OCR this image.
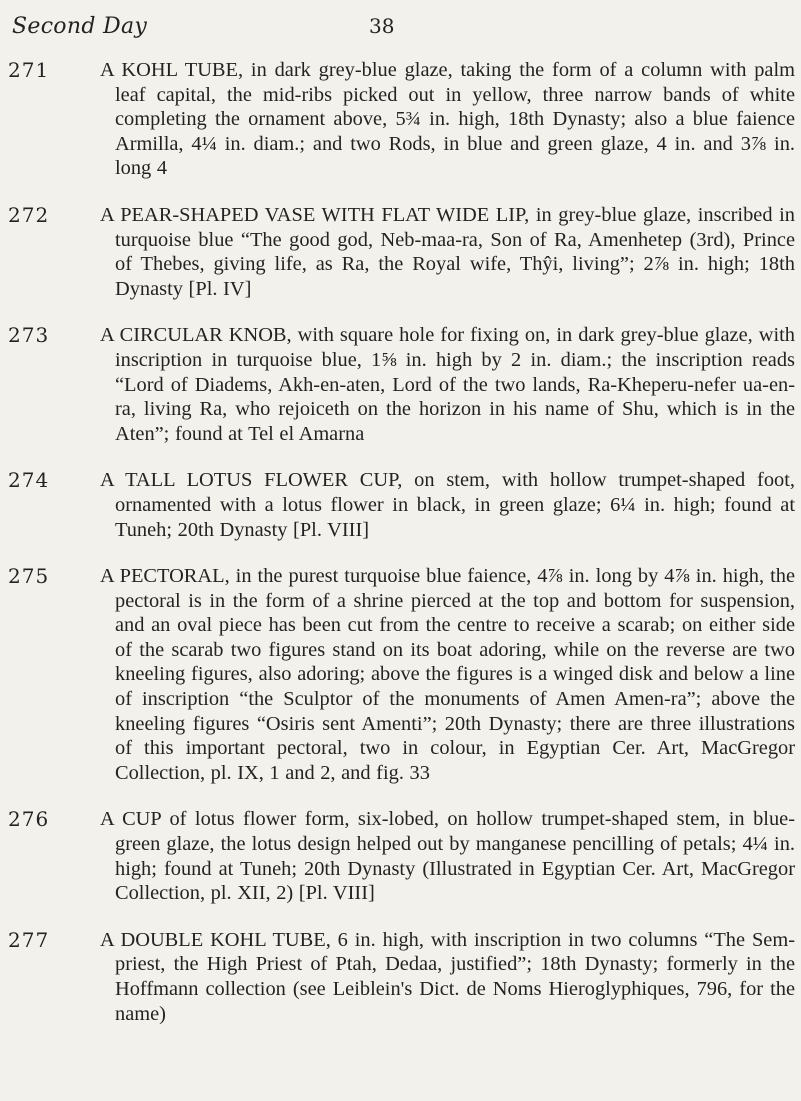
Second Day	38
271 A KOHL TUBE, in dark grey-blue glaze, taking the form of a column with palm leaf capital, the mid-ribs picked out in yellow, three narrow bands of white completing the ornament above, 5¾ in. high, 18th Dynasty; also a blue faience Armilla, 4¼ in. diam.; and two Rods, in blue and green glaze, 4 in. and 3⅞ in. long 4
272 A PEAR-SHAPED VASE WITH FLAT WIDE LIP, in grey-blue glaze, inscribed in turquoise blue “The good god, Neb-maa-ra, Son of Ra, Amenhetep (3rd), Prince of Thebes, giving life, as Ra, the Royal wife, Thŷi, living”; 2⅞ in. high; 18th Dynasty [Pl. IV]
273 A CIRCULAR KNOB, with square hole for fixing on, in dark grey-blue glaze, with inscription in turquoise blue, 1⅝ in. high by 2 in. diam.; the inscription reads “Lord of Diadems, Akh-en-aten, Lord of the two lands, Ra-Kheperu-nefer ua-en-ra, living Ra, who rejoiceth on the horizon in his name of Shu, which is in the Aten”; found at Tel el Amarna
274 A TALL LOTUS FLOWER CUP, on stem, with hollow trumpet-shaped foot, ornamented with a lotus flower in black, in green glaze; 6¼ in. high; found at Tuneh; 20th Dynasty [Pl. VIII]
275 A PECTORAL, in the purest turquoise blue faience, 4⅞ in. long by 4⅞ in. high, the pectoral is in the form of a shrine pierced at the top and bottom for suspension, and an oval piece has been cut from the centre to receive a scarab; on either side of the scarab two figures stand on its boat adoring, while on the reverse are two kneeling figures, also adoring; above the figures is a winged disk and below a line of inscription “the Sculptor of the monuments of Amen Amen-ra”; above the kneeling figures “Osiris sent Amenti”; 20th Dynasty; there are three illustrations of this important pectoral, two in colour, in Egyptian Cer. Art, MacGregor Collection, pl. IX, 1 and 2, and fig. 33
276 A CUP of lotus flower form, six-lobed, on hollow trumpet-shaped stem, in blue-green glaze, the lotus design helped out by manganese pencilling of petals; 4¼ in. high; found at Tuneh; 20th Dynasty (Illustrated in Egyptian Cer. Art, MacGregor Collection, pl. XII, 2) [Pl. VIII]
277 A DOUBLE KOHL TUBE, 6 in. high, with inscription in two columns “The Sem-priest, the High Priest of Ptah, Dedaa, justified”; 18th Dynasty; formerly in the Hoffmann collection (see Leiblein's Dict. de Noms Hieroglyphiques, 796, for the name)
